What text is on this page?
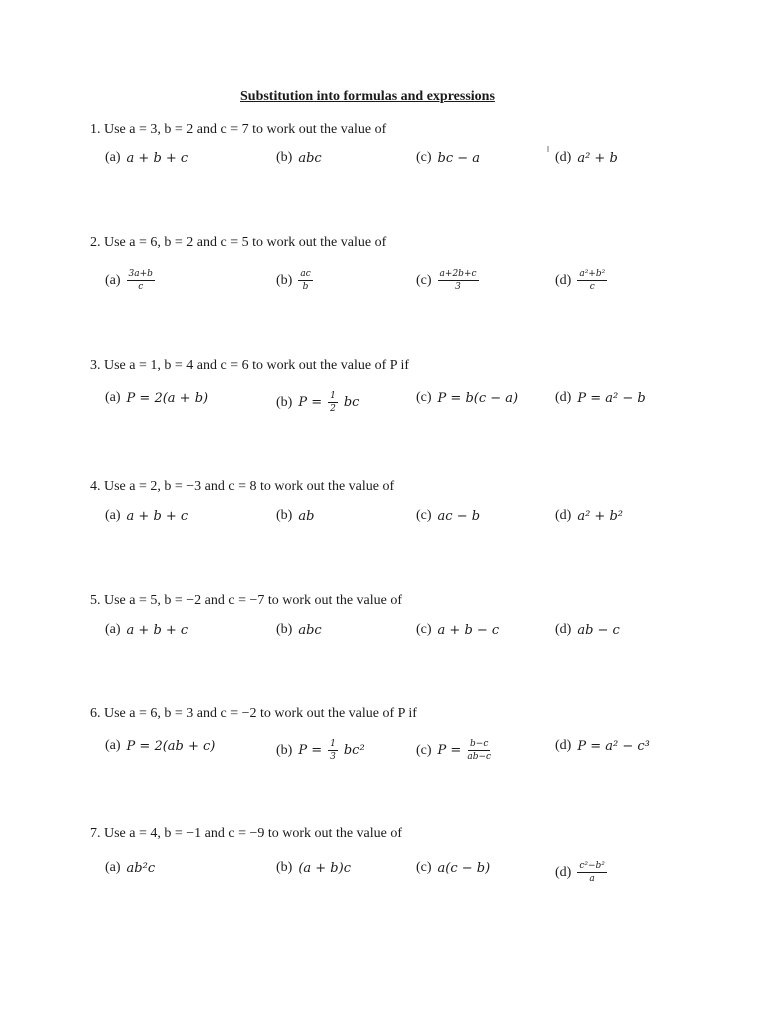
Substitution into formulas and expressions
1. Use a = 3, b = 2 and c = 7 to work out the value of
(a) a + b + c	(b) abc	(c) bc − a	(d) a² + b
2. Use a = 6, b = 2 and c = 5 to work out the value of
$(a) \frac{3a+b}{c}$	$(b) \frac{ac}{b}$	$(c) \frac{a+2b+c}{3}$	$(d) \frac{\text{a²+b²}}{c}$
3. Use a = 1, b = 4 and c = 6 to work out the value of P if
(a) P = 2(a + b)	(b) $P = \frac{1}{2}$ bc	(c) P = b(c − a)	(d) P = a² − b
4. Use a = 2, b = −3 and c = 8 to work out the value of
(a) a + b + c	(b) ab	(c) ac − b	(d) a² + b²
5. Use a = 5, b = −2 and c = −7 to work out the value of
(a) a + b + c	(b) abc	(c) a + b − c	(d) ab − c
6. Use a = 6, b = 3 and c = −2 to work out the value of P if
(a) P = 2(ab + c)	(b) $P = \frac{1}{3} bc^2$	(c) $P = \frac{b-c}{ab-c}$	(d) P = a² − c³
7. Use a = 4, b = −1 and c = −9 to work out the value of
(a) ab²c	(b) (a + b)c	(c) a(c − b)	$(d) \frac{\text{c²−b²}}{a}$
